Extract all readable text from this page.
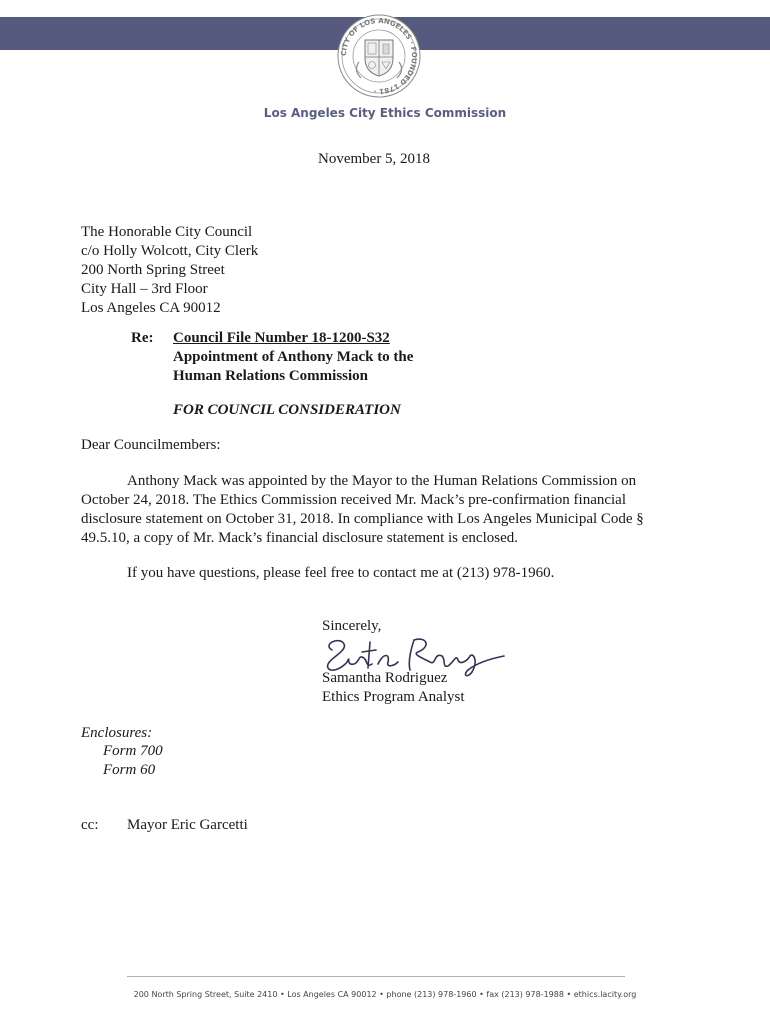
CITY OF LOS ANGELES · FOUNDED 1781 ·
Los Angeles City Ethics Commission

November 5, 2018

The Honorable City Council
c/o Holly Wolcott, City Clerk
200 North Spring Street
City Hall – 3rd Floor
Los Angeles CA 90012
Re: Council File Number 18-1200-S32
Appointment of Anthony Mack to the
Human Relations Commission
FOR COUNCIL CONSIDERATION

Dear Councilmembers:

Anthony Mack was appointed by the Mayor to the Human Relations Commission on October 24, 2018. The Ethics Commission received Mr. Mack’s pre-confirmation financial disclosure statement on October 31, 2018. In compliance with Los Angeles Municipal Code § 49.5.10, a copy of Mr. Mack’s financial disclosure statement is enclosed.

If you have questions, please feel free to contact me at (213) 978-1960.

Sincerely,
Samantha Rodriguez
Ethics Program Analyst
Enclosures:
Form 700
Form 60
cc: Mayor Eric Garcetti
200 North Spring Street, Suite 2410 • Los Angeles CA 90012 • phone (213) 978-1960 • fax (213) 978-1988 • ethics.lacity.org
